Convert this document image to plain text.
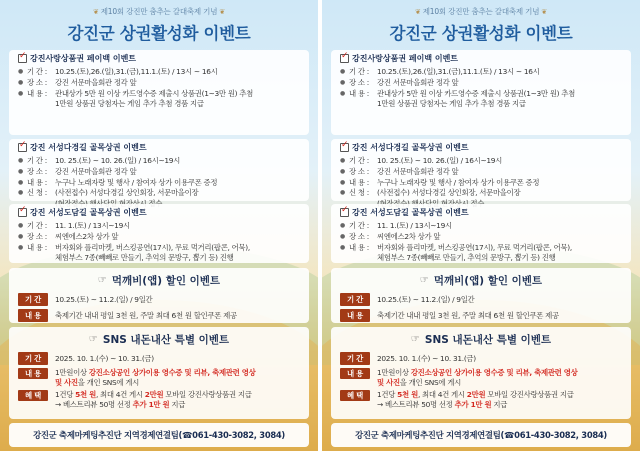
❦ 제10회 강진만 춤추는 갈대축제 기념 ❦
강진군 상권활성화 이벤트
✓
강진사랑상품권 페이백 이벤트
● 기 간 :	10.25.(토),26.(일),31.(금),11.1.(토) / 13시 ~ 16시
● 장 소 :	강진 서문마을회관 정각 앞
● 내 용 :	관내상가 5만 원 이상 카드영수증 제출시 상품권(1~3만 원) 추첨
1만원 상품권 당첨자는 게임 추가 추첨 경품 지급
✓
강진 서성다경길 골목상권 이벤트
● 기 간 :	10. 25.(토) ~ 10. 26.(일) / 16시~19시
● 장 소 :	강진 서문마을회관 정각 앞
● 내 용 :	누구나 노래자랑 및 행사 / 참여자 상가 이용쿠폰 증정
● 신 청 :	(사전접수) 서성다경길 상인회장, 서문마을이장
✓
강진 서성도담길 골목상권 이벤트
● 기 간 :	11. 1.(토) / 13시~19시
● 장 소 :	씨엔에스2차 상가 앞
● 내 용 :	버자회와 플리마켓, 버스킹공연(17시), 무료 먹거리(팝콘, 어묵),
체험부스 7종(빼빼로 만들기, 추억의 문방구, 뽑기 등) 진행
☞ 먹깨비(앱) 할인 이벤트
기 간	10.25.(토) ~ 11.2.(일) / 9일간
내 용	축제기간 내내 평일 3천 원, 주말 최대 6천 원 할인쿠폰 제공
☞ SNS 내돈내산 특별 이벤트
기 간	2025. 10. 1.(수) ~ 10. 31.(금)
내 용	1만원이상 강진소상공인 상가이용 영수증 및 리뷰, 축제관련 영상
및 사진을 개인 SNS에 게시
혜 택	1건당 5천 원, 최대 4건 게시 2만원 모바일 강진사랑상품권 지급
→ 베스트리뷰 50명 선정 추가 1만 원 지급
강진군 축제마케팅추진단 지역경제연결팀(☎061-430-3082, 3084)
❦ 제10회 강진만 춤추는 갈대축제 기념 ❦
강진군 상권활성화 이벤트
✓
강진사랑상품권 페이백 이벤트
● 기 간 :	10.25.(토),26.(일),31.(금),11.1.(토) / 13시 ~ 16시
● 장 소 :	강진 서문마을회관 정각 앞
● 내 용 :	관내상가 5만 원 이상 카드영수증 제출시 상품권(1~3만 원) 추첨
1만원 상품권 당첨자는 게임 추가 추첨 경품 지급
✓
강진 서성다경길 골목상권 이벤트
● 기 간 :	10. 25.(토) ~ 10. 26.(일) / 16시~19시
● 장 소 :	강진 서문마을회관 정각 앞
● 내 용 :	누구나 노래자랑 및 행사 / 참여자 상가 이용쿠폰 증정
● 신 청 :	(사전접수) 서성다경길 상인회장, 서문마을이장
✓
강진 서성도담길 골목상권 이벤트
● 기 간 :	11. 1.(토) / 13시~19시
● 장 소 :	씨엔에스2차 상가 앞
● 내 용 :	버자회와 플리마켓, 버스킹공연(17시), 무료 먹거리(팝콘, 어묵),
체험부스 7종(빼빼로 만들기, 추억의 문방구, 뽑기 등) 진행
☞ 먹깨비(앱) 할인 이벤트
기 간	10.25.(토) ~ 11.2.(일) / 9일간
내 용	축제기간 내내 평일 3천 원, 주말 최대 6천 원 할인쿠폰 제공
☞ SNS 내돈내산 특별 이벤트
기 간	2025. 10. 1.(수) ~ 10. 31.(금)
내 용	1만원이상 강진소상공인 상가이용 영수증 및 리뷰, 축제관련 영상
및 사진을 개인 SNS에 게시
혜 택	1건당 5천 원, 최대 4건 게시 2만원 모바일 강진사랑상품권 지급
→ 베스트리뷰 50명 선정 추가 1만 원 지급
강진군 축제마케팅추진단 지역경제연결팀(☎061-430-3082, 3084)
